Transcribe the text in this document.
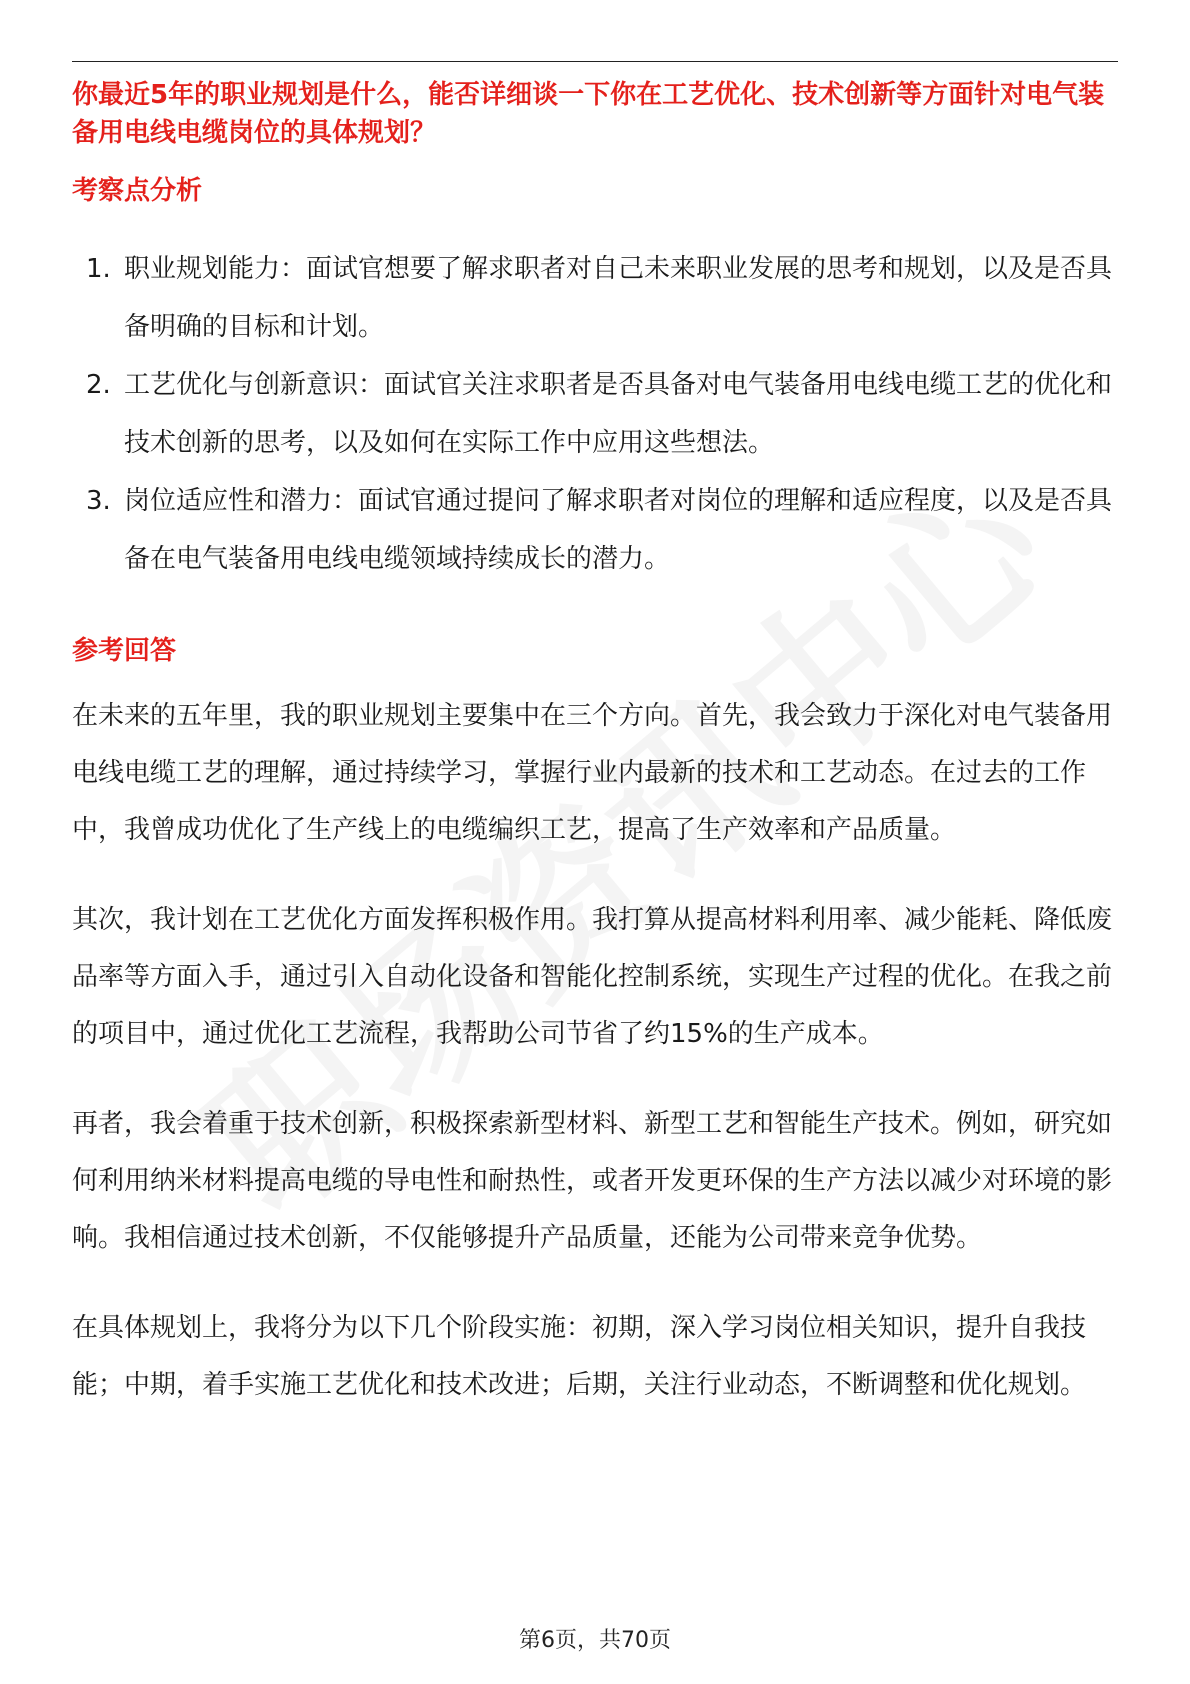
你最近5年的职业规划是什么，能否详细谈一下你在工艺优化、技术创新等方面针对电气装备用电线电缆岗位的具体规划？

考察点分析

1. 职业规划能力：面试官想要了解求职者对自己未来职业发展的思考和规划，以及是否具备明确的目标和计划。
2. 工艺优化与创新意识：面试官关注求职者是否具备对电气装备用电线电缆工艺的优化和技术创新的思考，以及如何在实际工作中应用这些想法。
3. 岗位适应性和潜力：面试官通过提问了解求职者对岗位的理解和适应程度，以及是否具备在电气装备用电线电缆领域持续成长的潜力。

参考回答

在未来的五年里，我的职业规划主要集中在三个方向。首先，我会致力于深化对电气装备用电线电缆工艺的理解，通过持续学习，掌握行业内最新的技术和工艺动态。在过去的工作中，我曾成功优化了生产线上的电缆编织工艺，提高了生产效率和产品质量。

其次，我计划在工艺优化方面发挥积极作用。我打算从提高材料利用率、减少能耗、降低废品率等方面入手，通过引入自动化设备和智能化控制系统，实现生产过程的优化。在我之前的项目中，通过优化工艺流程，我帮助公司节省了约15%的生产成本。

再者，我会着重于技术创新，积极探索新型材料、新型工艺和智能生产技术。例如，研究如何利用纳米材料提高电缆的导电性和耐热性，或者开发更环保的生产方法以减少对环境的影响。我相信通过技术创新，不仅能够提升产品质量，还能为公司带来竞争优势。

在具体规划上，我将分为以下几个阶段实施：初期，深入学习岗位相关知识，提升自我技能；中期，着手实施工艺优化和技术改进；后期，关注行业动态，不断调整和优化规划。

第6页，共70页
